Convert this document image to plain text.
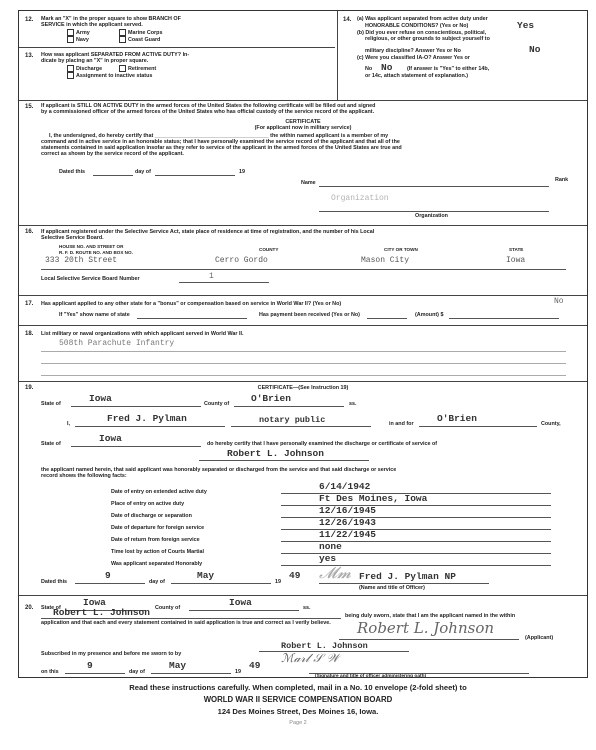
12. Mark an "X" in the proper square to show BRANCH OF
SERVICE in which the applicant served.
Army	Marine Corps
Navy	Coast Guard
13. How was applicant SEPARATED FROM ACTIVE DUTY? In-
dicate by placing an "X" in proper square.
Discharge	Retirement
Assignment to inactive status
14. (a) Was applicant separated from active duty under
HONORABLE CONDITIONS? (Yes or No)	Yes
(b) Did you ever refuse on conscientious, political,
religious, or other grounds to subject yourself to
military discipline? Answer Yes or No	No
(c) Were you classified IA-O? Answer Yes or
No No	(If answer is "Yes" to either 14b,
or 14c, attach statement of explanation.)
15. If applicant is STILL ON ACTIVE DUTY in the armed forces of the United States the following certificate will be filled out and signed
by a commissioned officer of the armed forces of the United States who has official custody of the service record of the applicant.
CERTIFICATE
(For applicant now in military service)
I, the undersigned, do hereby certify that ______________________________________ the within named applicant is a member of my
command and in active service in an honorable status; that I have personally examined the service record of the applicant and that all of the
statements contained in said application insofar as they refer to service of the applicant in the armed forces of the United States are true and
correct as shown by the service record of the applicant.
Dated this	day of	19
Name	Rank
Organization
Organization
16. If applicant registered under the Selective Service Act, state place of residence at time of registration, and the number of his Local
Selective Service Board.
HOUSE NO. AND STREET OR
R. F. D. ROUTE NO. AND BOX NO.
COUNTY	CITY OR TOWN	STATE
333 20th Street	Cerro Gordo	Mason City	Iowa
Local Selective Service Board Number	1
17. Has applicant applied to any other state for a "bonus" or compensation based on service in World War II? (Yes or No)	No
If "Yes" show name of state	Has payment been received (Yes or No)	(Amount) $
18. List military or naval organizations with which applicant served in World War II.
508th Parachute Infantry
19.	CERTIFICATE—(See Instruction 19)
State of	Iowa	County of O'Brien	ss.
I,	Fred J. Pylman	notary public	in and for O'Brien	County,
State of	Iowa	do hereby certify that I have personally examined the discharge or certificate of service of
Robert L. Johnson
the applicant named herein, that said applicant was honorably separated or discharged from the service and that said discharge or service
record shows the following facts:
Date of entry on extended active duty	6/14/1942
Place of entry on active duty	Ft Des Moines, Iowa
Date of discharge or separation	12/16/1945
Date of departure for foreign service	12/26/1943
Date of return from foreign service	11/22/1945
Time lost by action of Courts Martial	none
Was applicant separated Honorably	yes
Dated this
9
day of
May
19
49 𝓜𝓶 Fred J. Pylman NP
(Name and title of Officer)
20. State of Iowa	County of	Iowa	ss.
Robert L. Johnson	being duly sworn, state that I am the applicant named in the within
application and that each and every statement contained in said application is true and correct as I verily believe. Robert L. Johnson
(Applicant)
Subscribed in my presence and before me sworn to by
Robert L. Johnson
ℳ𝒶𝓇𝓁 𝒮 𝒲
on this
9
day of
May
19
49
(Signature and title of officer administering oath)
Read these instructions carefully. When completed, mail in a No. 10 envelope (2-fold sheet) to
WORLD WAR II SERVICE COMPENSATION BOARD
124 Des Moines Street, Des Moines 16, Iowa.
Page 2
